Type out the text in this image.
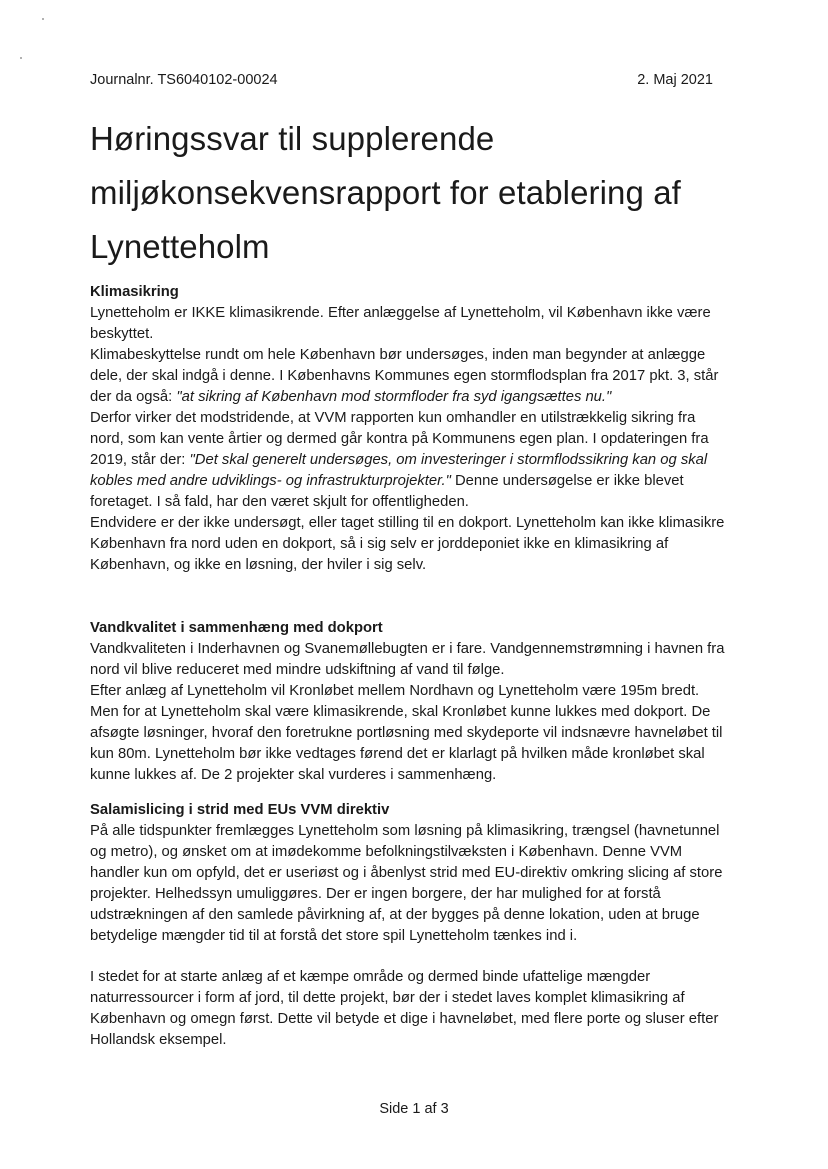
Journalnr. TS6040102-00024	2. Maj 2021
Høringssvar til supplerende miljøkonsekvensrapport for etablering af Lynetteholm
Klimasikring
Lynetteholm er IKKE klimasikrende. Efter anlæggelse af Lynetteholm, vil København ikke være beskyttet.
Klimabeskyttelse rundt om hele København bør undersøges, inden man begynder at anlægge dele, der skal indgå i denne. I Københavns Kommunes egen stormflodsplan fra 2017 pkt. 3, står der da også: "at sikring af København mod stormfloder fra syd igangsættes nu."
Derfor virker det modstridende, at VVM rapporten kun omhandler en utilstrækkelig sikring fra nord, som kan vente årtier og dermed går kontra på Kommunens egen plan. I opdateringen fra 2019, står der: "Det skal generelt undersøges, om investeringer i stormflodssikring kan og skal kobles med andre udviklings- og infrastrukturprojekter." Denne undersøgelse er ikke blevet foretaget. I så fald, har den været skjult for offentligheden.
Endvidere er der ikke undersøgt, eller taget stilling til en dokport. Lynetteholm kan ikke klimasikre København fra nord uden en dokport, så i sig selv er jorddeponiet ikke en klimasikring af København, og ikke en løsning, der hviler i sig selv.
Vandkvalitet i sammenhæng med dokport
Vandkvaliteten i Inderhavnen og Svanemøllebugten er i fare. Vandgennemstrømning i havnen fra nord vil blive reduceret med mindre udskiftning af vand til følge.
Efter anlæg af Lynetteholm vil Kronløbet mellem Nordhavn og Lynetteholm være 195m bredt. Men for at Lynetteholm skal være klimasikrende, skal Kronløbet kunne lukkes med dokport. De afsøgte løsninger, hvoraf den foretrukne portløsning med skydeporte vil indsnævre havneløbet til kun 80m. Lynetteholm bør ikke vedtages førend det er klarlagt på hvilken måde kronløbet skal kunne lukkes af. De 2 projekter skal vurderes i sammenhæng.
Salamislicing i strid med EUs VVM direktiv
På alle tidspunkter fremlægges Lynetteholm som løsning på klimasikring, trængsel (havnetunnel og metro), og ønsket om at imødekomme befolkningstilvæksten i København. Denne VVM handler kun om opfyld, det er useriøst og i åbenlyst strid med EU-direktiv omkring slicing af store projekter. Helhedssyn umuliggøres. Der er ingen borgere, der har mulighed for at forstå udstrækningen af den samlede påvirkning af, at der bygges på denne lokation, uden at bruge betydelige mængder tid til at forstå det store spil Lynetteholm tænkes ind i.
I stedet for at starte anlæg af et kæmpe område og dermed binde ufattelige mængder naturressourcer i form af jord, til dette projekt, bør der i stedet laves komplet klimasikring af København og omegn først. Dette vil betyde et dige i havneløbet, med flere porte og sluser efter Hollandsk eksempel.
Side 1 af 3
